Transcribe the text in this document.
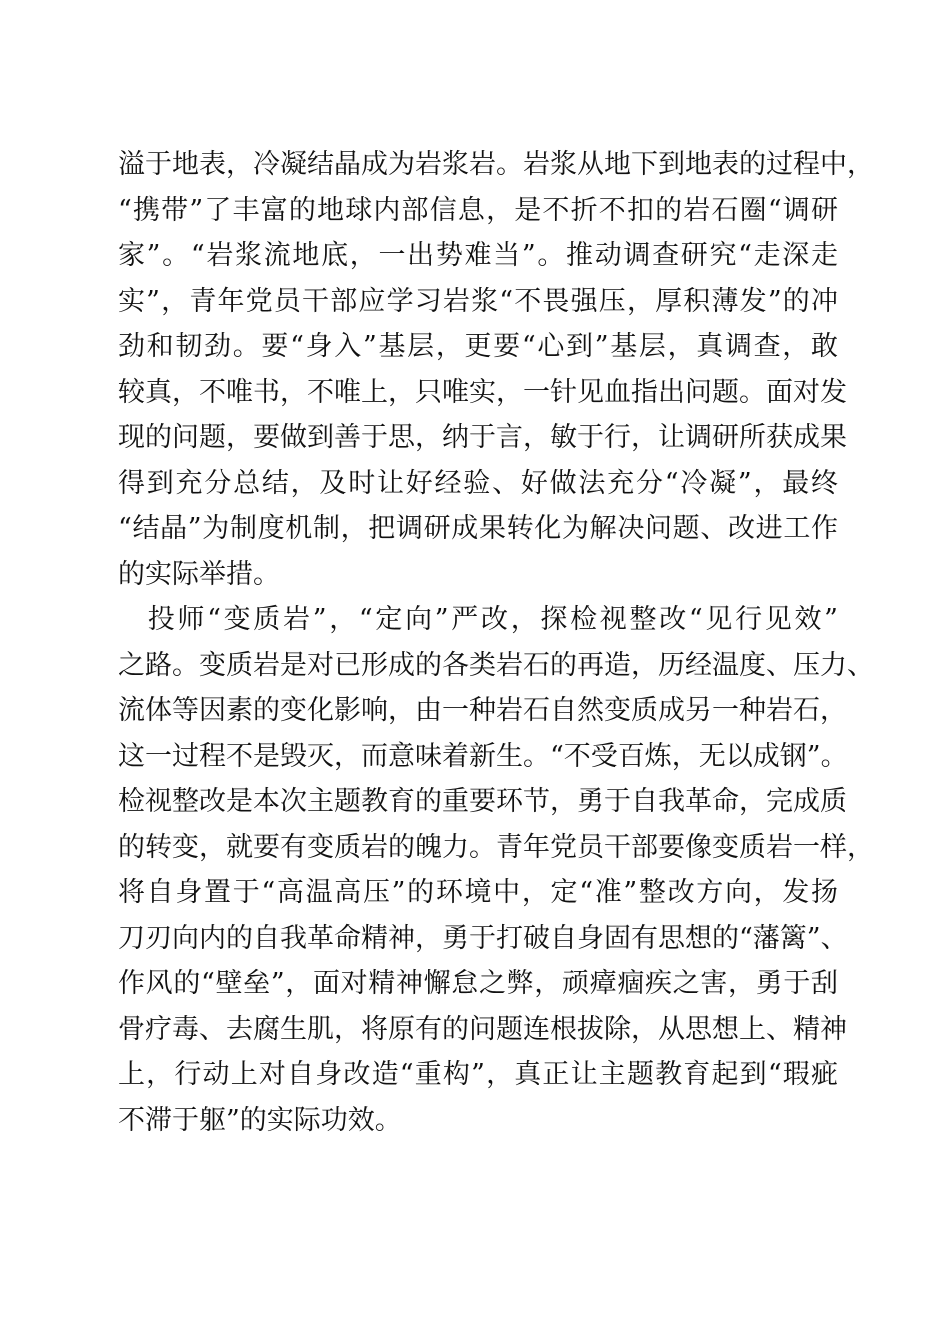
溢于地表，冷凝结晶成为岩浆岩。岩浆从地下到地表的过程中，
“携带”了丰富的地球内部信息，是不折不扣的岩石圈“调研
家”。“岩浆流地底，一出势难当”。推动调查研究“走深走
实”，青年党员干部应学习岩浆“不畏强压，厚积薄发”的冲
劲和韧劲。要“身入”基层，更要“心到”基层，真调查，敢
较真，不唯书，不唯上，只唯实，一针见血指出问题。面对发
现的问题，要做到善于思，纳于言，敏于行，让调研所获成果
得到充分总结，及时让好经验、好做法充分“冷凝”，最终
“结晶”为制度机制，把调研成果转化为解决问题、改进工作
的实际举措。
　投师“变质岩”，“定向”严改，探检视整改“见行见效”
之路。变质岩是对已形成的各类岩石的再造，历经温度、压力、
流体等因素的变化影响，由一种岩石自然变质成另一种岩石，
这一过程不是毁灭，而意味着新生。“不受百炼，无以成钢”。
检视整改是本次主题教育的重要环节，勇于自我革命，完成质
的转变，就要有变质岩的魄力。青年党员干部要像变质岩一样，
将自身置于“高温高压”的环境中，定“准”整改方向，发扬
刀刃向内的自我革命精神，勇于打破自身固有思想的“藩篱”、
作风的“壁垒”，面对精神懈怠之弊，顽瘴痼疾之害，勇于刮
骨疗毒、去腐生肌，将原有的问题连根拔除，从思想上、精神
上，行动上对自身改造“重构”，真正让主题教育起到“瑕疵
不滞于躯”的实际功效。
